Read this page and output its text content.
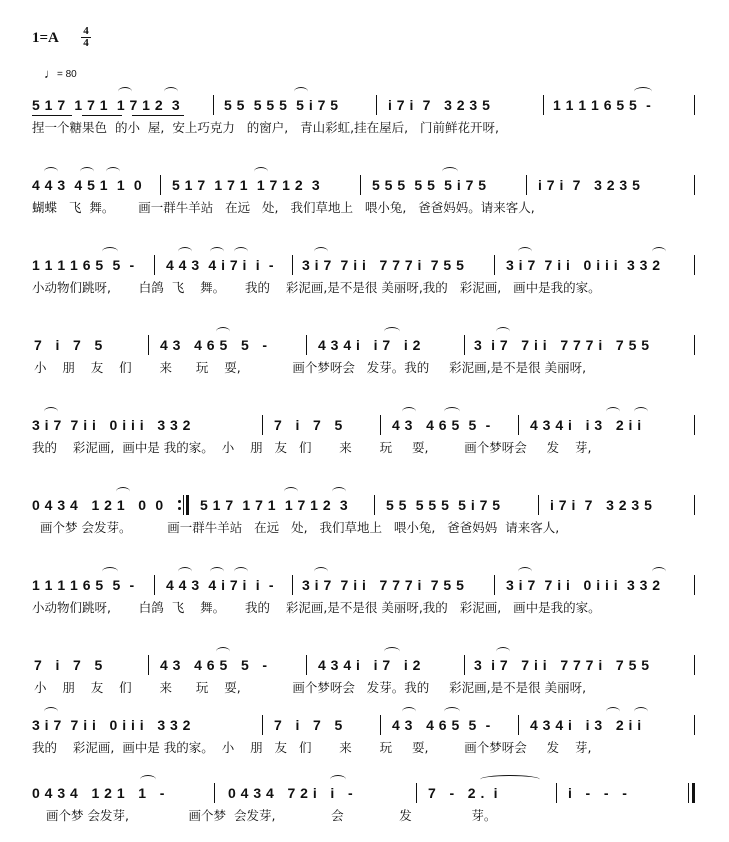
1=A 4
4
♩= 80
5 1 7  1 7 1  1 7 1 2  3	5 5  5 5 5  5 i 7 5	i 7 i  7   3 2 3 5	1 1 1 1 6 5 5  -
捏一个糖果色  的小  屋,  安上巧克力   的窗户,   青山彩虹,挂在屋后,   门前鲜花开呀,
4 4 3  4 5 1  1  0 5 1 7  1 7 1  1 7 1 2  3	5 5 5  5 5  5 i 7 5	i 7 i  7   3 2 3 5
蝴蝶   飞  舞。      画一群牛羊站   在远   处,   我们草地上   喂小兔,   爸爸妈妈。请来客人,
1 1 1 1 6 5  5  - 4 4 3  4 i 7 i  i  - 3 i 7  7 i i   7 7 7 i  7 5 5	3 i 7  7 i i   0 i i i  3 3 2
小动物们跳呀,       白鸽  飞    舞。     我的    彩泥画,是不是很 美丽呀,我的   彩泥画,   画中是我的家。
7   i   7   5	4 3   4 6 5   5   -	4 3 4 i   i 7   i 2	3  i 7   7 i i   7 7 7 i   7 5 5
小    朋    友    们       来      玩    耍,             画个梦呀会   发芽。我的     彩泥画,是不是很 美丽呀,
3 i 7  7 i i   0 i i i   3 3 2	7   i   7   5	4 3   4 6 5  5  -	4 3 4 i   i 3   2 i i
我的    彩泥画,  画中是 我的家。  小    朋   友   们       来       玩     耍,         画个梦呀会     发    芽,
0 4 3 4   1 2 1   0  0	5 1 7  1 7 1  1 7 1 2  3	5 5  5 5 5  5 i 7 5	i 7 i  7   3 2 3 5
画个梦 会发芽。         画一群牛羊站   在远   处,   我们草地上   喂小兔,   爸爸妈妈  请来客人,
1 1 1 1 6 5  5  - 4 4 3  4 i 7 i  i  - 3 i 7  7 i i   7 7 7 i  7 5 5	3 i 7  7 i i   0 i i i  3 3 2
小动物们跳呀,       白鸽  飞    舞。     我的    彩泥画,是不是很 美丽呀,我的   彩泥画,   画中是我的家。
7   i   7   5	4 3   4 6 5   5   -	4 3 4 i   i 7   i 2	3  i 7   7 i i   7 7 7 i   7 5 5
小    朋    友    们       来      玩    耍,             画个梦呀会   发芽。我的     彩泥画,是不是很 美丽呀,
3 i 7  7 i i   0 i i i   3 3 2	7   i   7   5	4 3   4 6 5  5  -	4 3 4 i   i 3   2 i i
我的    彩泥画,  画中是 我的家。  小    朋   友   们       来       玩     耍,         画个梦呀会     发    芽,
0 4 3 4   1 2 1   1   -	0 4 3 4   7 2 i   i   -	7   -   2 .  i	i   -   -   -
画个梦 会发芽,               画个梦  会发芽,              会              发               芽。
